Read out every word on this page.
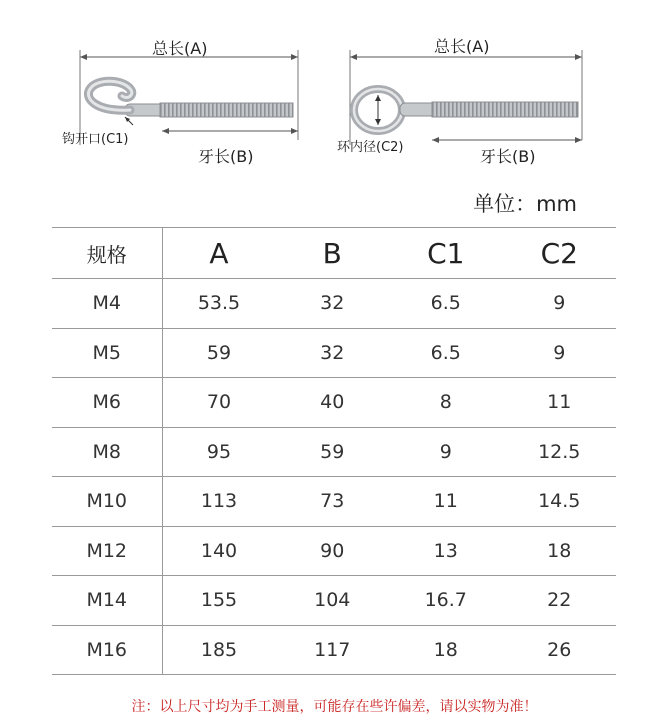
总长(A)
钩开口(C1)
牙长(B)
总长(A)
环内径(C2)	牙长(B)
单位：mm
规格	A	B	C1	C2
M4	53.5	32	6.5	9
M5	59	32	6.5	9
M6	70	40	8	11
M8	95	59	9	12.5
M10	113	73	11	14.5
M12	140	90	13	18
M14	155	104	16.7	22
M16	185	117	18	26
注：以上尺寸均为手工测量，可能存在些许偏差，请以实物为准！
